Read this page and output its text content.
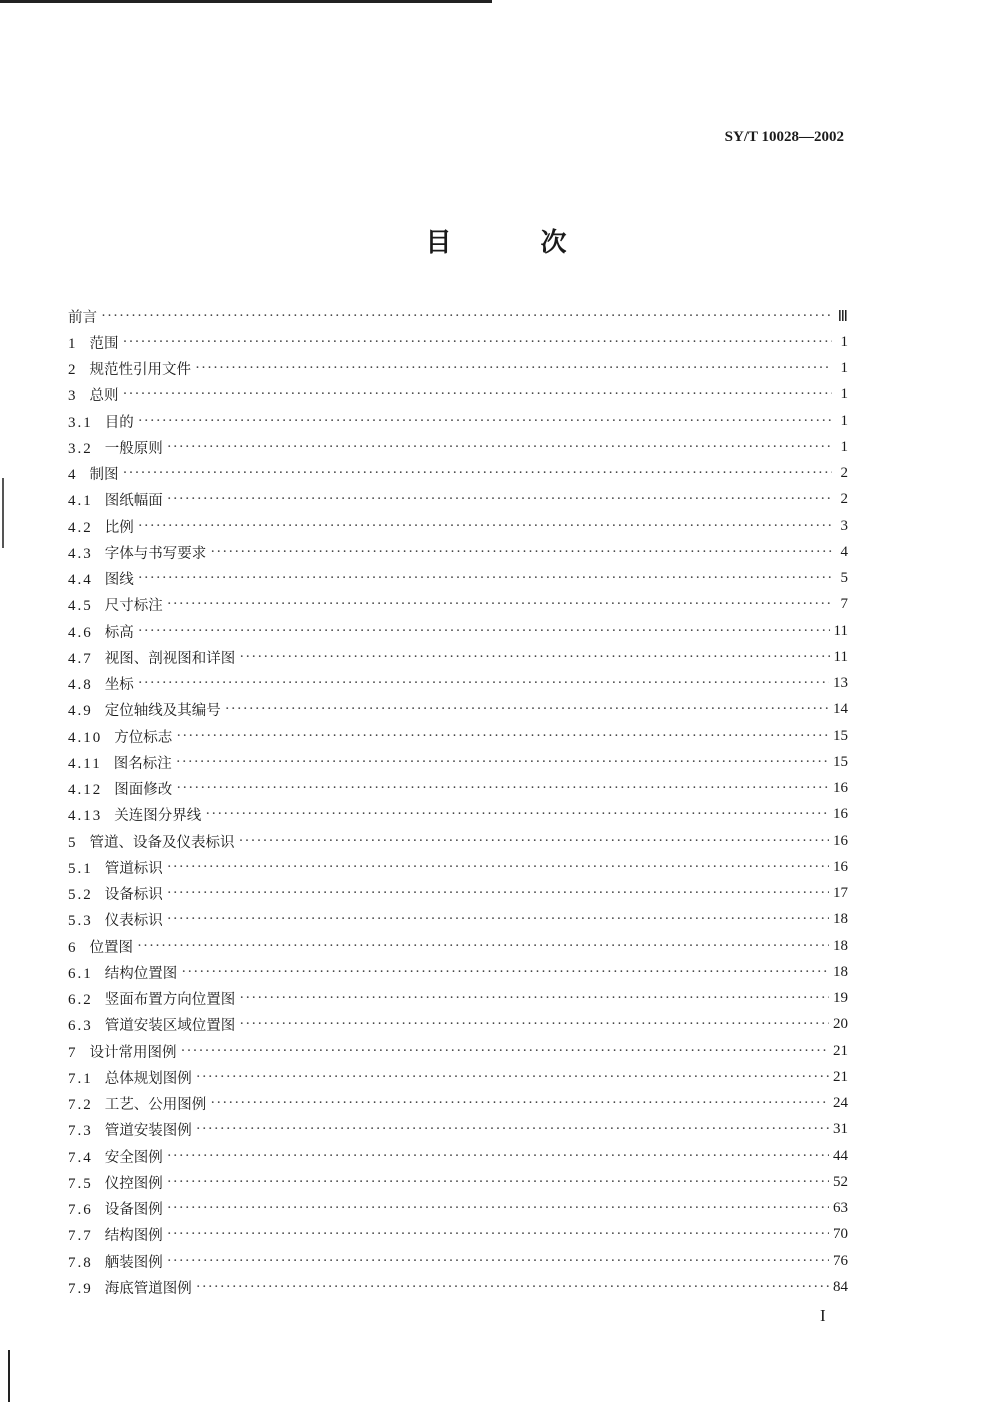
SY/T 10028—2002
目 次
前言 ·····	Ⅲ
1 范围 ·····	1
2 规范性引用文件 ·····	1
3 总则 ·····	1
3.1 目的 ·····	1
3.2 一般原则 ·····	1
4 制图 ·····	2
4.1 图纸幅面 ·····	2
4.2 比例 ·····	3
4.3 字体与书写要求 ·····	4
4.4 图线 ·····	5
4.5 尺寸标注 ·····	7
4.6 标高 ·····	11
4.7 视图、剖视图和详图 ·····	11
4.8 坐标 ·····	13
4.9 定位轴线及其编号 ·····	14
4.10 方位标志 ·····	15
4.11 图名标注 ·····	15
4.12 图面修改 ·····	16
4.13 关连图分界线 ·····	16
5 管道、设备及仪表标识 ·····	16
5.1 管道标识 ·····	16
5.2 设备标识 ·····	17
5.3 仪表标识 ·····	18
6 位置图 ·····	18
6.1 结构位置图 ·····	18
6.2 竖面布置方向位置图 ·····	19
6.3 管道安装区域位置图 ·····	20
7 设计常用图例 ·····	21
7.1 总体规划图例 ·····	21
7.2 工艺、公用图例 ·····	24
7.3 管道安装图例 ·····	31
7.4 安全图例 ·····	44
7.5 仪控图例 ·····	52
7.6 设备图例 ·····	63
7.7 结构图例 ·····	70
7.8 舾装图例 ·····	76
7.9 海底管道图例 ·····	84
I
